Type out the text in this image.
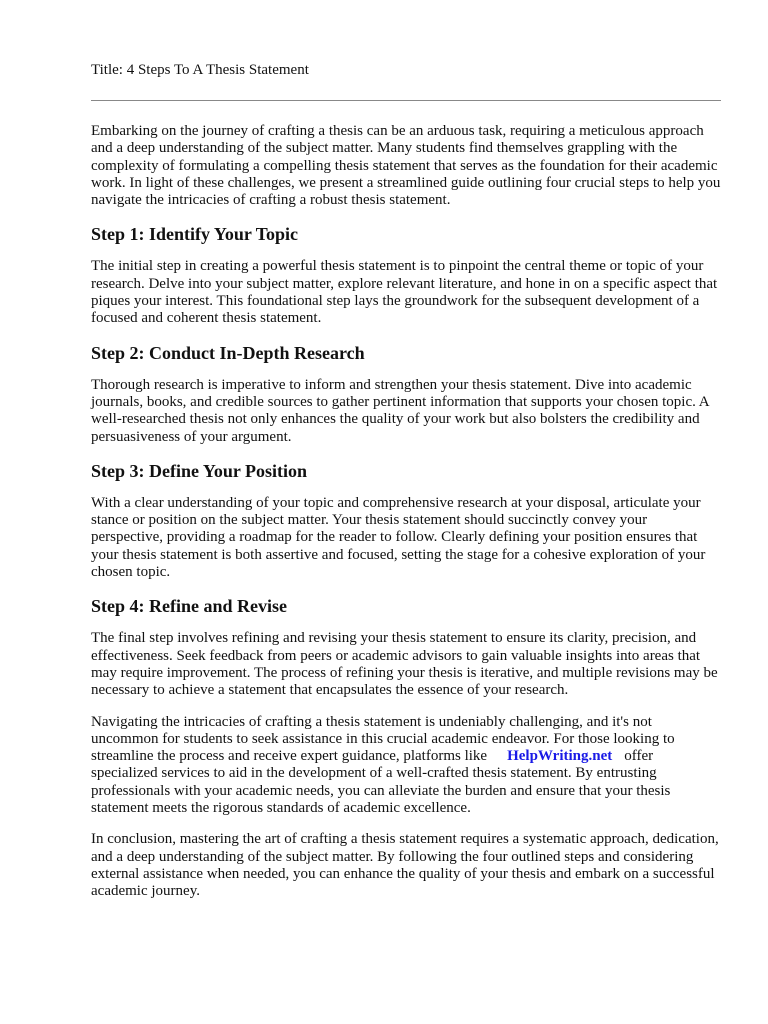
Title: 4 Steps To A Thesis Statement

Embarking on the journey of crafting a thesis can be an arduous task, requiring a meticulous approach and a deep understanding of the subject matter. Many students find themselves grappling with the complexity of formulating a compelling thesis statement that serves as the foundation for their academic work. In light of these challenges, we present a streamlined guide outlining four crucial steps to help you navigate the intricacies of crafting a robust thesis statement.

Step 1: Identify Your Topic

The initial step in creating a powerful thesis statement is to pinpoint the central theme or topic of your research. Delve into your subject matter, explore relevant literature, and hone in on a specific aspect that piques your interest. This foundational step lays the groundwork for the subsequent development of a focused and coherent thesis statement.

Step 2: Conduct In-Depth Research

Thorough research is imperative to inform and strengthen your thesis statement. Dive into academic journals, books, and credible sources to gather pertinent information that supports your chosen topic. A well-researched thesis not only enhances the quality of your work but also bolsters the credibility and persuasiveness of your argument.

Step 3: Define Your Position

With a clear understanding of your topic and comprehensive research at your disposal, articulate your stance or position on the subject matter. Your thesis statement should succinctly convey your perspective, providing a roadmap for the reader to follow. Clearly defining your position ensures that your thesis statement is both assertive and focused, setting the stage for a cohesive exploration of your chosen topic.

Step 4: Refine and Revise

The final step involves refining and revising your thesis statement to ensure its clarity, precision, and effectiveness. Seek feedback from peers or academic advisors to gain valuable insights into areas that may require improvement. The process of refining your thesis is iterative, and multiple revisions may be necessary to achieve a statement that encapsulates the essence of your research.

Navigating the intricacies of crafting a thesis statement is undeniably challenging, and it's not uncommon for students to seek assistance in this crucial academic endeavor. For those looking to streamline the process and receive expert guidance, platforms like HelpWriting.net offer specialized services to aid in the development of a well-crafted thesis statement. By entrusting professionals with your academic needs, you can alleviate the burden and ensure that your thesis statement meets the rigorous standards of academic excellence.

In conclusion, mastering the art of crafting a thesis statement requires a systematic approach, dedication, and a deep understanding of the subject matter. By following the four outlined steps and considering external assistance when needed, you can enhance the quality of your thesis and embark on a successful academic journey.
